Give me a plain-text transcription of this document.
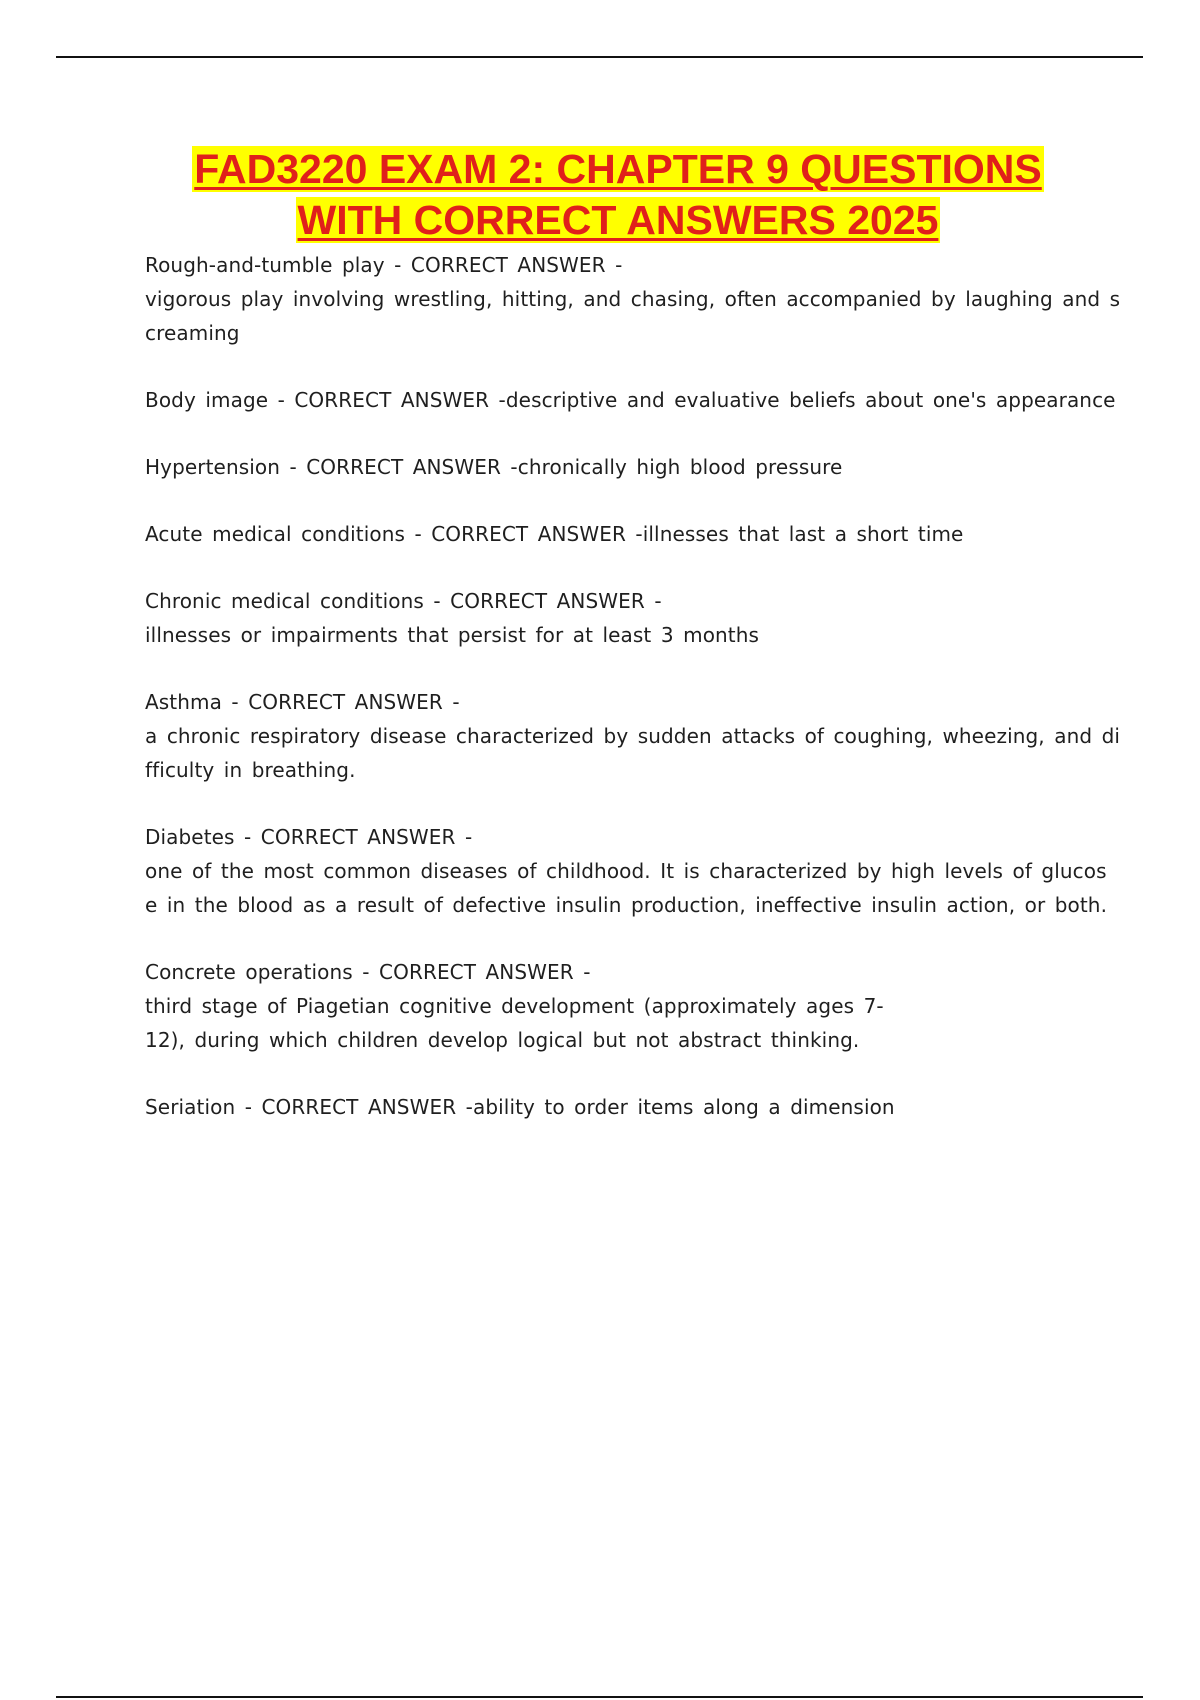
FAD3220 EXAM 2: CHAPTER 9 QUESTIONS
WITH CORRECT ANSWERS 2025
Rough-and-tumble play - CORRECT ANSWER -
vigorous play involving wrestling, hitting, and chasing, often accompanied by laughing and s
creaming
Body image - CORRECT ANSWER -descriptive and evaluative beliefs about one's appearance
Hypertension - CORRECT ANSWER -chronically high blood pressure
Acute medical conditions - CORRECT ANSWER -illnesses that last a short time
Chronic medical conditions - CORRECT ANSWER -
illnesses or impairments that persist for at least 3 months
Asthma - CORRECT ANSWER -
a chronic respiratory disease characterized by sudden attacks of coughing, wheezing, and di
fficulty in breathing.
Diabetes - CORRECT ANSWER -
one of the most common diseases of childhood. It is characterized by high levels of glucos
e in the blood as a result of defective insulin production, ineffective insulin action, or both.
Concrete operations - CORRECT ANSWER -
third stage of Piagetian cognitive development (approximately ages 7-
12), during which children develop logical but not abstract thinking.
Seriation - CORRECT ANSWER -ability to order items along a dimension
